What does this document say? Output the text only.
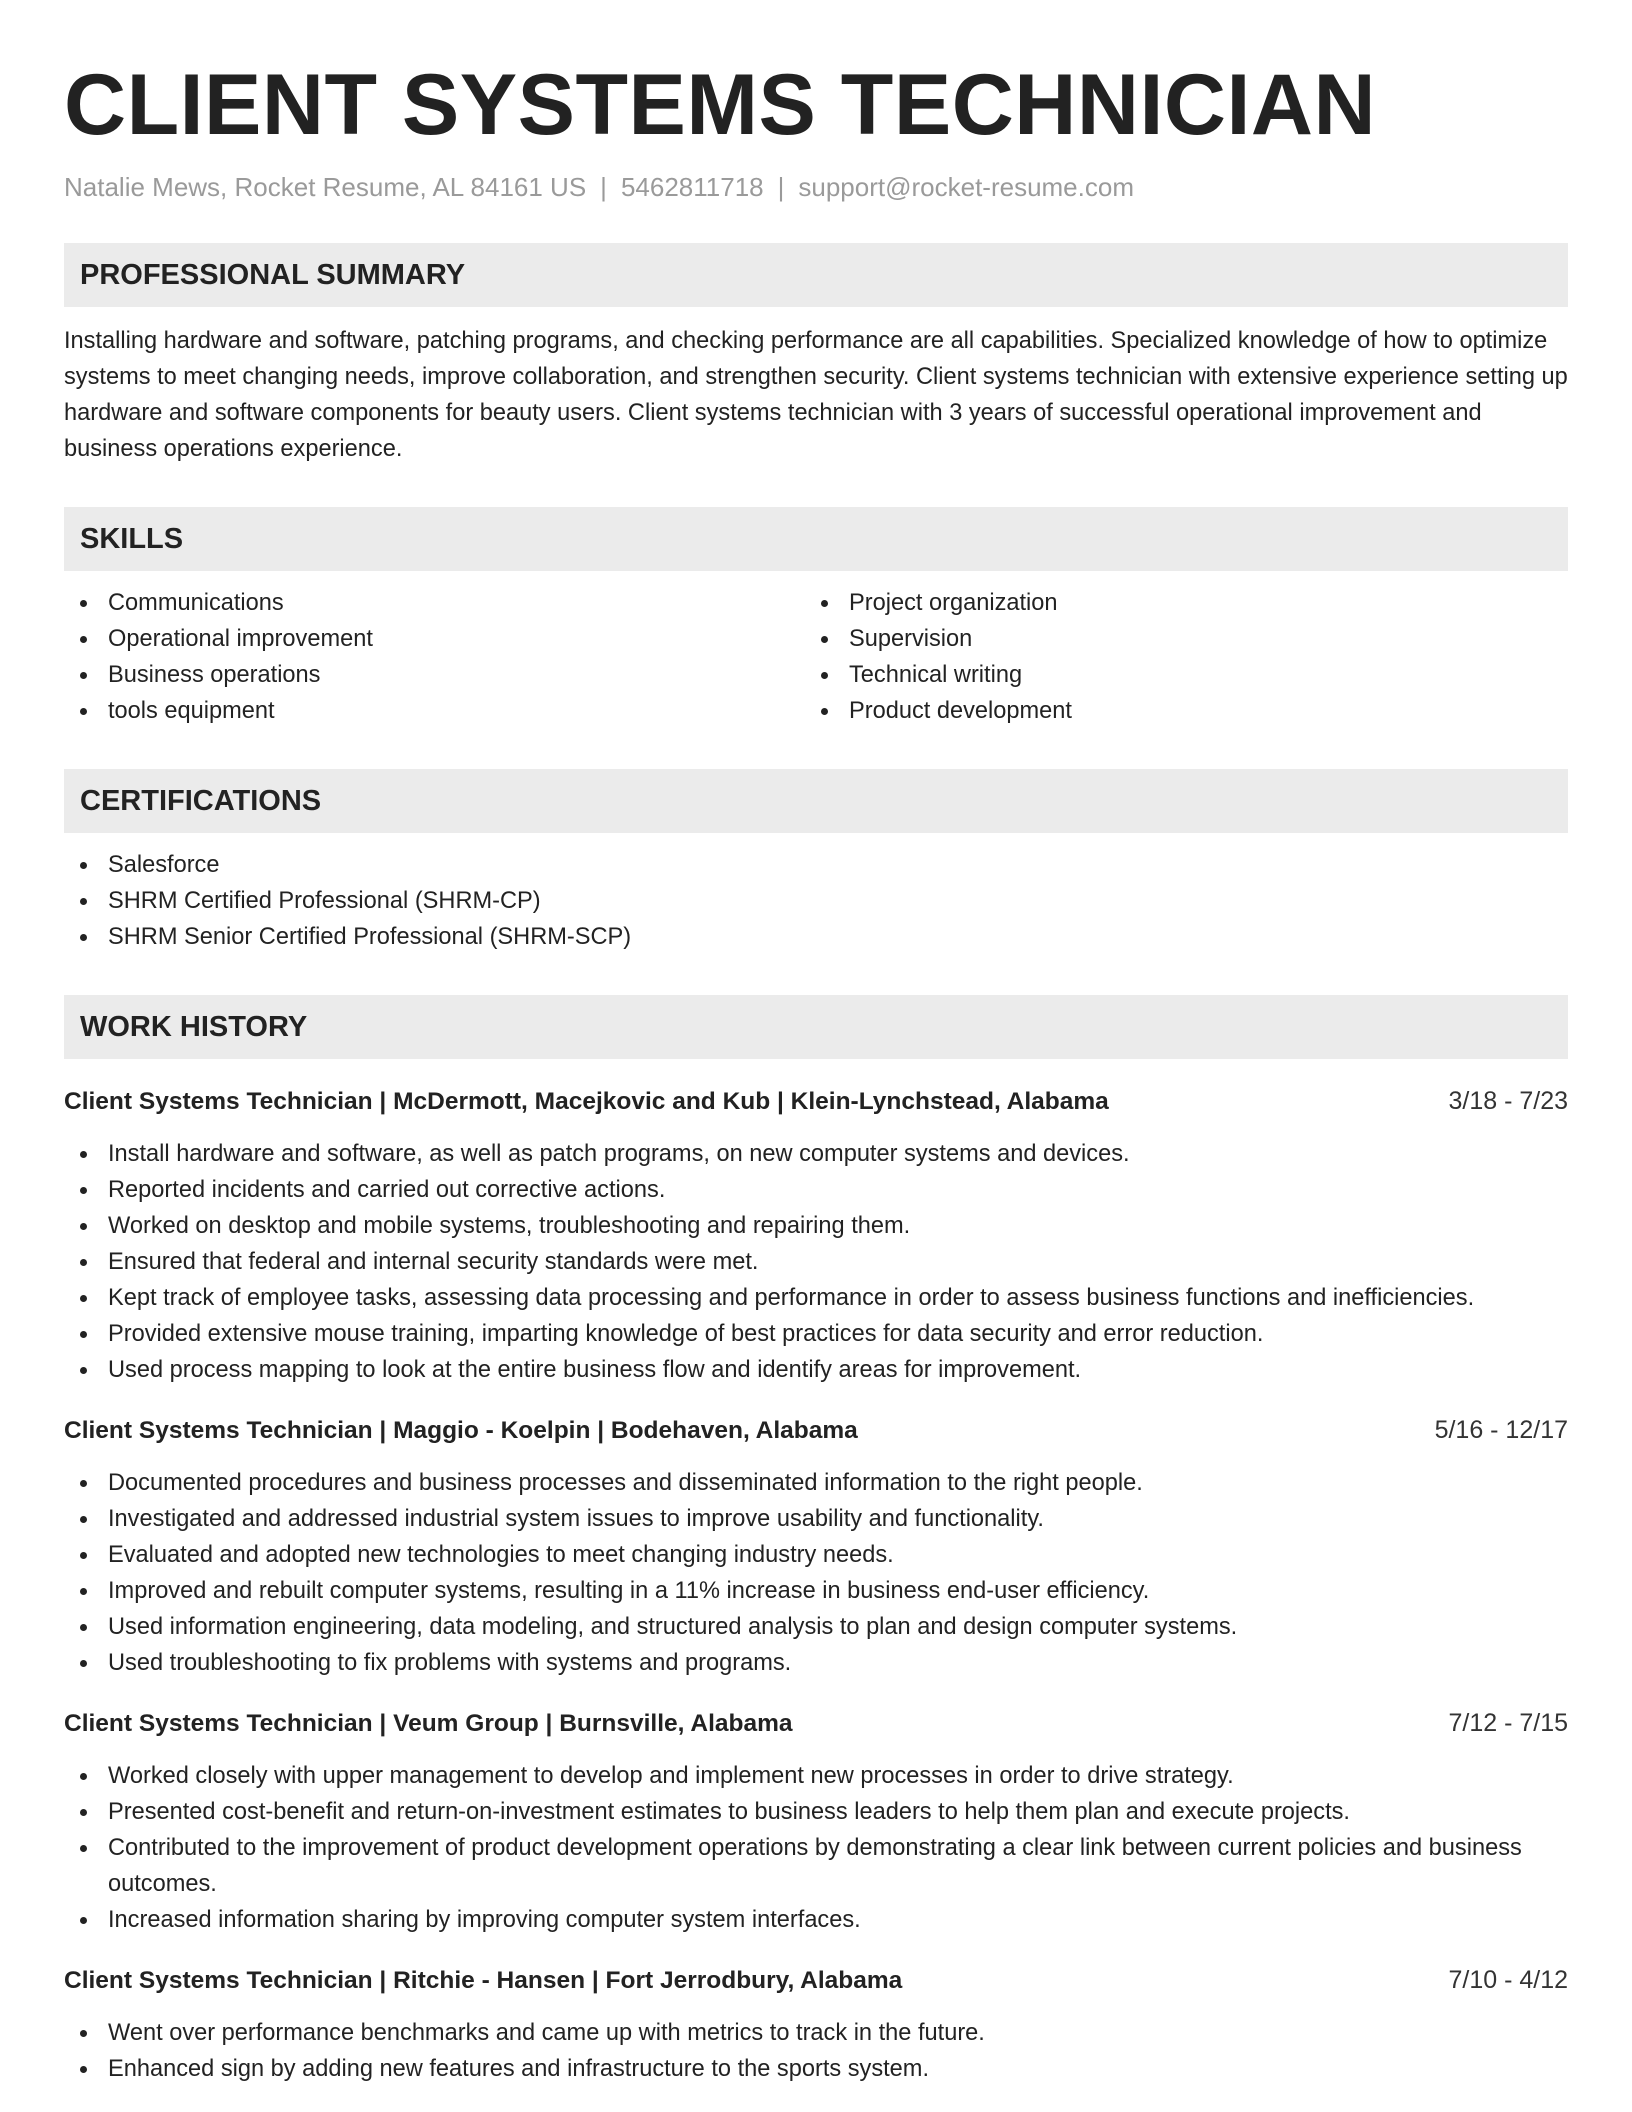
CLIENT SYSTEMS TECHNICIAN
Natalie Mews, Rocket Resume, AL 84161 US | 5462811718 | support@rocket-resume.com
PROFESSIONAL SUMMARY
Installing hardware and software, patching programs, and checking performance are all capabilities. Specialized knowledge of how to optimize systems to meet changing needs, improve collaboration, and strengthen security. Client systems technician with extensive experience setting up hardware and software components for beauty users. Client systems technician with 3 years of successful operational improvement and business operations experience.
SKILLS
Communications
Operational improvement
Business operations
tools equipment
Project organization
Supervision
Technical writing
Product development
CERTIFICATIONS
Salesforce
SHRM Certified Professional (SHRM-CP)
SHRM Senior Certified Professional (SHRM-SCP)
WORK HISTORY
Client Systems Technician | McDermott, Macejkovic and Kub | Klein-Lynchstead, Alabama	3/18 - 7/23
Install hardware and software, as well as patch programs, on new computer systems and devices.
Reported incidents and carried out corrective actions.
Worked on desktop and mobile systems, troubleshooting and repairing them.
Ensured that federal and internal security standards were met.
Kept track of employee tasks, assessing data processing and performance in order to assess business functions and inefficiencies.
Provided extensive mouse training, imparting knowledge of best practices for data security and error reduction.
Used process mapping to look at the entire business flow and identify areas for improvement.
Client Systems Technician | Maggio - Koelpin | Bodehaven, Alabama	5/16 - 12/17
Documented procedures and business processes and disseminated information to the right people.
Investigated and addressed industrial system issues to improve usability and functionality.
Evaluated and adopted new technologies to meet changing industry needs.
Improved and rebuilt computer systems, resulting in a 11% increase in business end-user efficiency.
Used information engineering, data modeling, and structured analysis to plan and design computer systems.
Used troubleshooting to fix problems with systems and programs.
Client Systems Technician | Veum Group | Burnsville, Alabama	7/12 - 7/15
Worked closely with upper management to develop and implement new processes in order to drive strategy.
Presented cost-benefit and return-on-investment estimates to business leaders to help them plan and execute projects.
Contributed to the improvement of product development operations by demonstrating a clear link between current policies and business outcomes.
Increased information sharing by improving computer system interfaces.
Client Systems Technician | Ritchie - Hansen | Fort Jerrodbury, Alabama	7/10 - 4/12
Went over performance benchmarks and came up with metrics to track in the future.
Enhanced sign by adding new features and infrastructure to the sports system.
